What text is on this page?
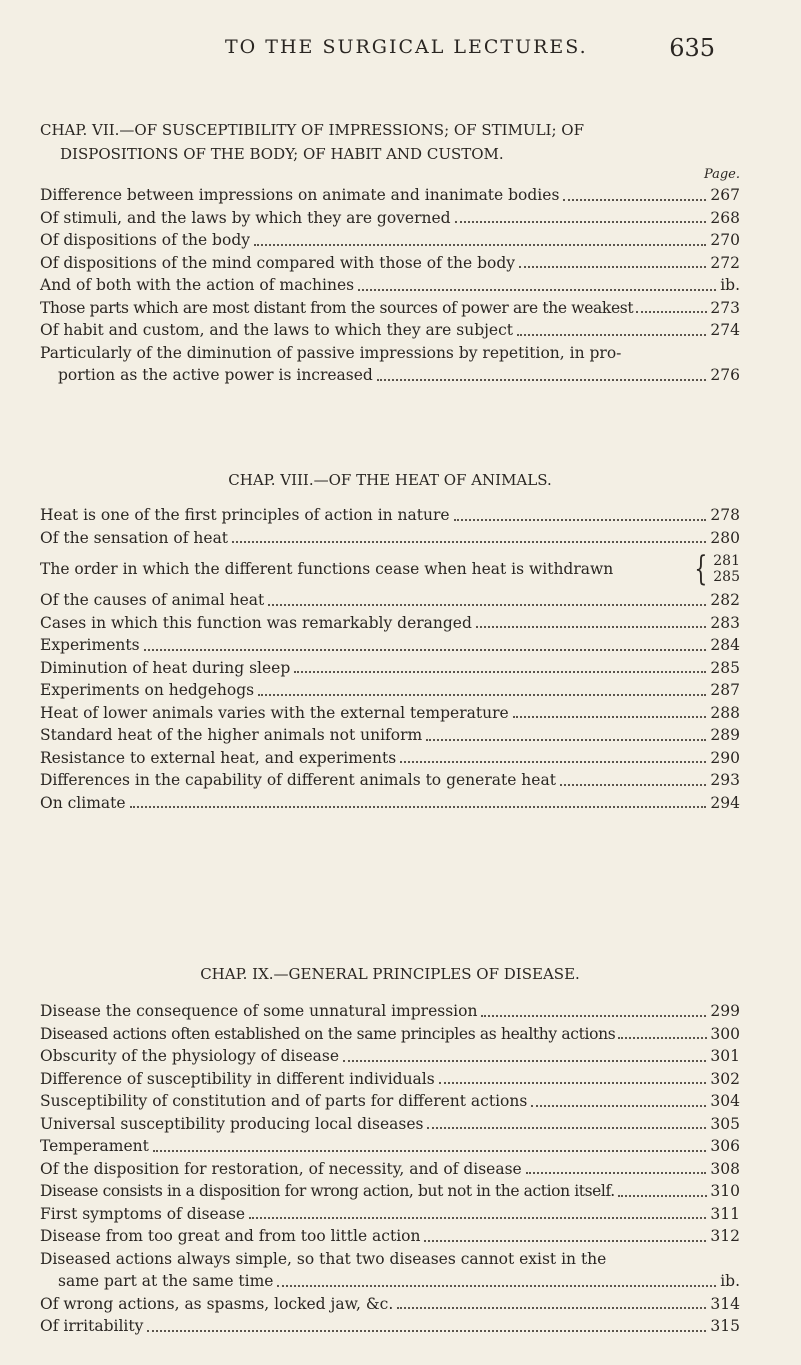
TO THE SURGICAL LECTURES.	635
CHAP. VII.—OF SUSCEPTIBILITY OF IMPRESSIONS; OF STIMULI; OF
DISPOSITIONS OF THE BODY; OF HABIT AND CUSTOM.
Page.
Difference between impressions on animate and inanimate bodies	267
Of stimuli, and the laws by which they are governed	268
Of dispositions of the body	270
Of dispositions of the mind compared with those of the body	272
And of both with the action of machines	ib.
Those parts which are most distant from the sources of power are the weakest	273
Of habit and custom, and the laws to which they are subject	274
Particularly of the diminution of passive impressions by repetition, in pro-
portion as the active power is increased	276
CHAP. VIII.—OF THE HEAT OF ANIMALS.
Heat is one of the first principles of action in nature	278
Of the sensation of heat	280
The order in which the different functions cease when heat is withdrawn { 281
285
Of the causes of animal heat	282
Cases in which this function was remarkably deranged	283
Experiments	284
Diminution of heat during sleep	285
Experiments on hedgehogs	287
Heat of lower animals varies with the external temperature	288
Standard heat of the higher animals not uniform	289
Resistance to external heat, and experiments	290
Differences in the capability of different animals to generate heat	293
On climate	294
CHAP. IX.—GENERAL PRINCIPLES OF DISEASE.
Disease the consequence of some unnatural impression	299
Diseased actions often established on the same principles as healthy actions	300
Obscurity of the physiology of disease	301
Difference of susceptibility in different individuals	302
Susceptibility of constitution and of parts for different actions	304
Universal susceptibility producing local diseases	305
Temperament	306
Of the disposition for restoration, of necessity, and of disease	308
Disease consists in a disposition for wrong action, but not in the action itself.	310
First symptoms of disease	311
Disease from too great and from too little action	312
Diseased actions always simple, so that two diseases cannot exist in the
same part at the same time	ib.
Of wrong actions, as spasms, locked jaw, &c.	314
Of irritability	315
